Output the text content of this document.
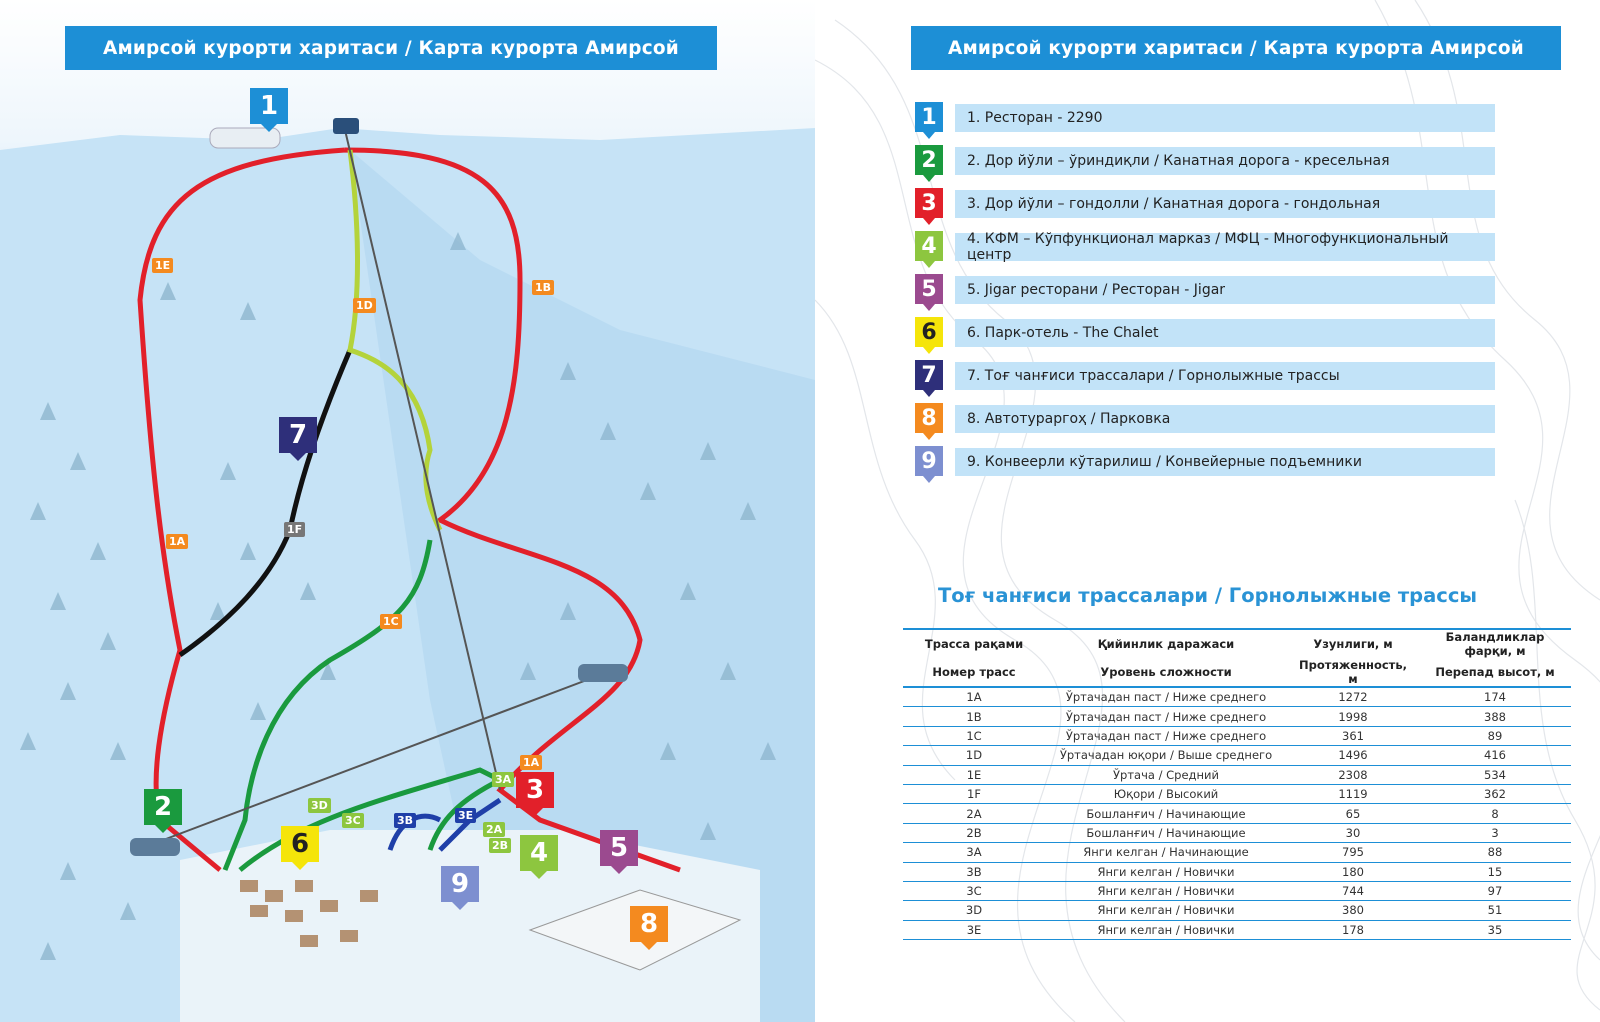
Амирсой курорти харитаси / Карта курорта Амирсой
1E
1B
1D
1F
1A
1C
1A
3D
3C	3B	3E
3A
2A
2B
1
7
2
6
9
3
4	5
8
Амирсой курорти харитаси / Карта курорта Амирсой
1	1. Ресторан - 2290
2	2. Дор йўли – ўриндиқли / Канатная дорога - кресельная
3	3. Дор йўли – гондолли / Канатная дорога - гондольная
4	4. КФМ – Кўпфункционал марказ / МФЦ - Многофункциональный центр
5	5. Jigar ресторани / Ресторан - Jigar
6	6. Парк-отель - The Chalet
7	7. Тоғ чанғиси трассалари / Горнолыжные трассы
8	8. Автотураргоҳ / Парковка
9	9. Конвеерли кўтарилиш / Конвейерные подъемники
Тоғ чанғиси трассалари / Горнолыжные трассы
Трасса рақами	Қийинлик даражаси	Узунлиги, м	Баландликлар фарқи, м
Номер трасс	Уровень сложности	Протяженность, м	Перепад высот, м
1A	Ўртачадан паст / Ниже среднего	1272	174
1B	Ўртачадан паст / Ниже среднего	1998	388
1C	Ўртачадан паст / Ниже среднего	361	89
1D	Ўртачадан юқори / Выше среднего	1496	416
1E	Ўртача / Средний	2308	534
1F	Юқори / Высокий	1119	362
2A	Бошланғич / Начинающие	65	8
2B	Бошланғич / Начинающие	30	3
3A	Янги келган / Начинающие	795	88
3B	Янги келган / Новички	180	15
3C	Янги келган / Новички	744	97
3D	Янги келган / Новички	380	51
3E	Янги келган / Новички	178	35
